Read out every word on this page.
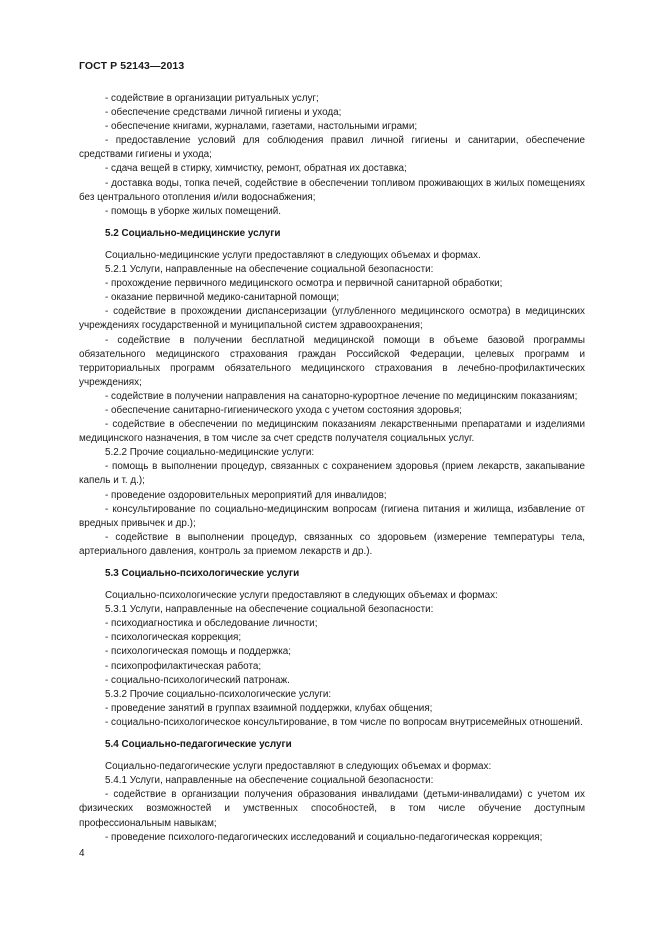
ГОСТ Р 52143—2013

- содействие в организации ритуальных услуг;

- обеспечение средствами личной гигиены и ухода;

- обеспечение книгами, журналами, газетами, настольными играми;

- предоставление условий для соблюдения правил личной гигиены и санитарии, обеспечение средствами гигиены и ухода;

- сдача вещей в стирку, химчистку, ремонт, обратная их доставка;

- доставка воды, топка печей, содействие в обеспечении топливом проживающих в жилых помещениях без центрального отопления и/или водоснабжения;

- помощь в уборке жилых помещений.

5.2 Социально-медицинские услуги

Социально-медицинские услуги предоставляют в следующих объемах и формах.

5.2.1 Услуги, направленные на обеспечение социальной безопасности:

- прохождение первичного медицинского осмотра и первичной санитарной обработки;

- оказание первичной медико-санитарной помощи;

- содействие в прохождении диспансеризации (углубленного медицинского осмотра) в медицинских учреждениях государственной и муниципальной систем здравоохранения;

- содействие в получении бесплатной медицинской помощи в объеме базовой программы обязательного медицинского страхования граждан Российской Федерации, целевых программ и территориальных программ обязательного медицинского страхования в лечебно-профилактических учреждениях;

- содействие в получении направления на санаторно-курортное лечение по медицинским показаниям;

- обеспечение санитарно-гигиенического ухода с учетом состояния здоровья;

- содействие в обеспечении по медицинским показаниям лекарственными препаратами и изделиями медицинского назначения, в том числе за счет средств получателя социальных услуг.

5.2.2 Прочие социально-медицинские услуги:

- помощь в выполнении процедур, связанных с сохранением здоровья (прием лекарств, закапывание капель и т. д.);

- проведение оздоровительных мероприятий для инвалидов;

- консультирование по социально-медицинским вопросам (гигиена питания и жилища, избавление от вредных привычек и др.);

- содействие в выполнении процедур, связанных со здоровьем (измерение температуры тела, артериального давления, контроль за приемом лекарств и др.).

5.3 Социально-психологические услуги

Социально-психологические услуги предоставляют в следующих объемах и формах:

5.3.1 Услуги, направленные на обеспечение социальной безопасности:

- психодиагностика и обследование личности;

- психологическая коррекция;

- психологическая помощь и поддержка;

- психопрофилактическая работа;

- социально-психологический патронаж.

5.3.2 Прочие социально-психологические услуги:

- проведение занятий в группах взаимной поддержки, клубах общения;

- социально-психологическое консультирование, в том числе по вопросам внутрисемейных отношений.

5.4 Социально-педагогические услуги

Социально-педагогические услуги предоставляют в следующих объемах и формах:

5.4.1 Услуги, направленные на обеспечение социальной безопасности:

- содействие в организации получения образования инвалидами (детьми-инвалидами) с учетом их физических возможностей и умственных способностей, в том числе обучение доступным профессиональным навыкам;

- проведение психолого-педагогических исследований и социально-педагогическая коррекция;

4
